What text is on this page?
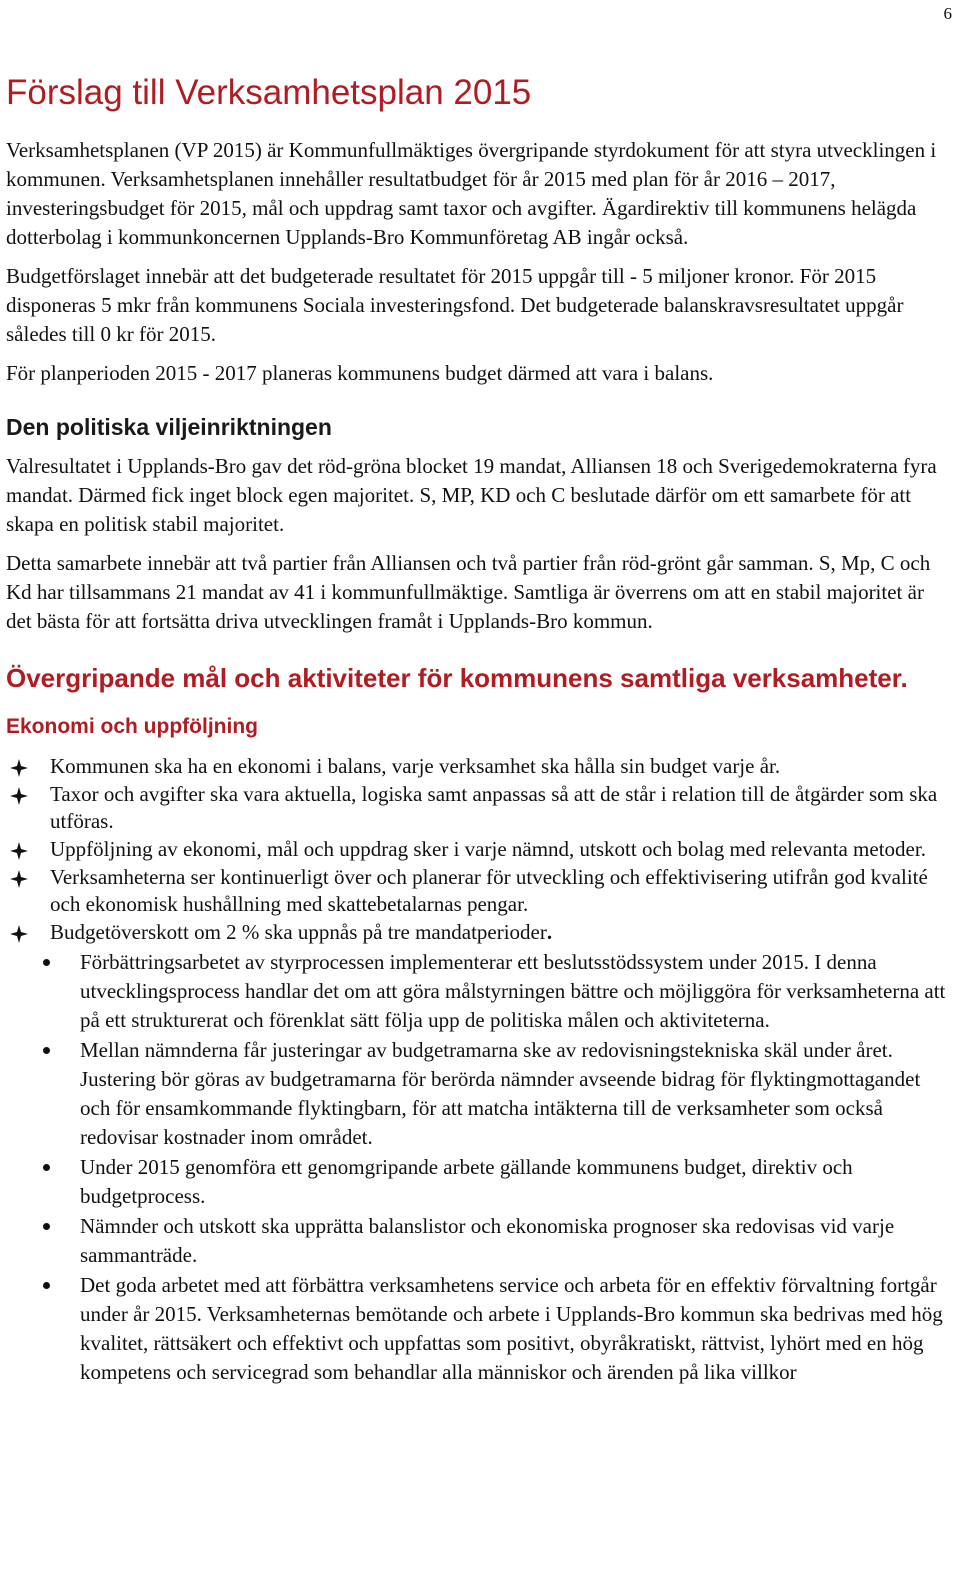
6
Förslag till Verksamhetsplan 2015

Verksamhetsplanen (VP 2015) är Kommunfullmäktiges övergripande styrdokument för att styra utvecklingen i kommunen. Verksamhetsplanen innehåller resultatbudget för år 2015 med plan för år 2016 – 2017, investeringsbudget för 2015, mål och uppdrag samt taxor och avgifter. Ägardirektiv till kommunens helägda dotterbolag i kommunkoncernen Upplands-Bro Kommunföretag AB ingår också.

Budgetförslaget innebär att det budgeterade resultatet för 2015 uppgår till - 5 miljoner kronor. För 2015 disponeras 5 mkr från kommunens Sociala investeringsfond. Det budgeterade balanskravsresultatet uppgår således till 0 kr för 2015.

För planperioden 2015 - 2017 planeras kommunens budget därmed att vara i balans.

Den politiska viljeinriktningen

Valresultatet i Upplands-Bro gav det röd-gröna blocket 19 mandat, Alliansen 18 och Sverigedemokraterna fyra mandat. Därmed fick inget block egen majoritet. S, MP, KD och C beslutade därför om ett samarbete för att skapa en politisk stabil majoritet.

Detta samarbete innebär att två partier från Alliansen och två partier från röd-grönt går samman. S, Mp, C och Kd har tillsammans 21 mandat av 41 i kommunfullmäktige. Samtliga är överrens om att en stabil majoritet är det bästa för att fortsätta driva utvecklingen framåt i Upplands-Bro kommun.

Övergripande mål och aktiviteter för kommunens samtliga verksamheter.
Ekonomi och uppföljning
Kommunen ska ha en ekonomi i balans, varje verksamhet ska hålla sin budget varje år.
Taxor och avgifter ska vara aktuella, logiska samt anpassas så att de står i relation till de åtgärder som ska utföras.
Uppföljning av ekonomi, mål och uppdrag sker i varje nämnd, utskott och bolag med relevanta metoder.
Verksamheterna ser kontinuerligt över och planerar för utveckling och effektivisering utifrån god kvalité och ekonomisk hushållning med skattebetalarnas pengar.
Budgetöverskott om 2 % ska uppnås på tre mandatperioder.
Förbättringsarbetet av styrprocessen implementerar ett beslutsstödssystem under 2015. I denna utvecklingsprocess handlar det om att göra målstyrningen bättre och möjliggöra för verksamheterna att på ett strukturerat och förenklat sätt följa upp de politiska målen och aktiviteterna.
Mellan nämnderna får justeringar av budgetramarna ske av redovisningstekniska skäl under året. Justering bör göras av budgetramarna för berörda nämnder avseende bidrag för flyktingmottagandet och för ensamkommande flyktingbarn, för att matcha intäkterna till de verksamheter som också redovisar kostnader inom området.
Under 2015 genomföra ett genomgripande arbete gällande kommunens budget, direktiv och budgetprocess.
Nämnder och utskott ska upprätta balanslistor och ekonomiska prognoser ska redovisas vid varje sammanträde.
Det goda arbetet med att förbättra verksamhetens service och arbeta för en effektiv förvaltning fortgår under år 2015. Verksamheternas bemötande och arbete i Upplands-Bro kommun ska bedrivas med hög kvalitet, rättsäkert och effektivt och uppfattas som positivt, obyråkratiskt, rättvist, lyhört med en hög kompetens och servicegrad som behandlar alla människor och ärenden på lika villkor
